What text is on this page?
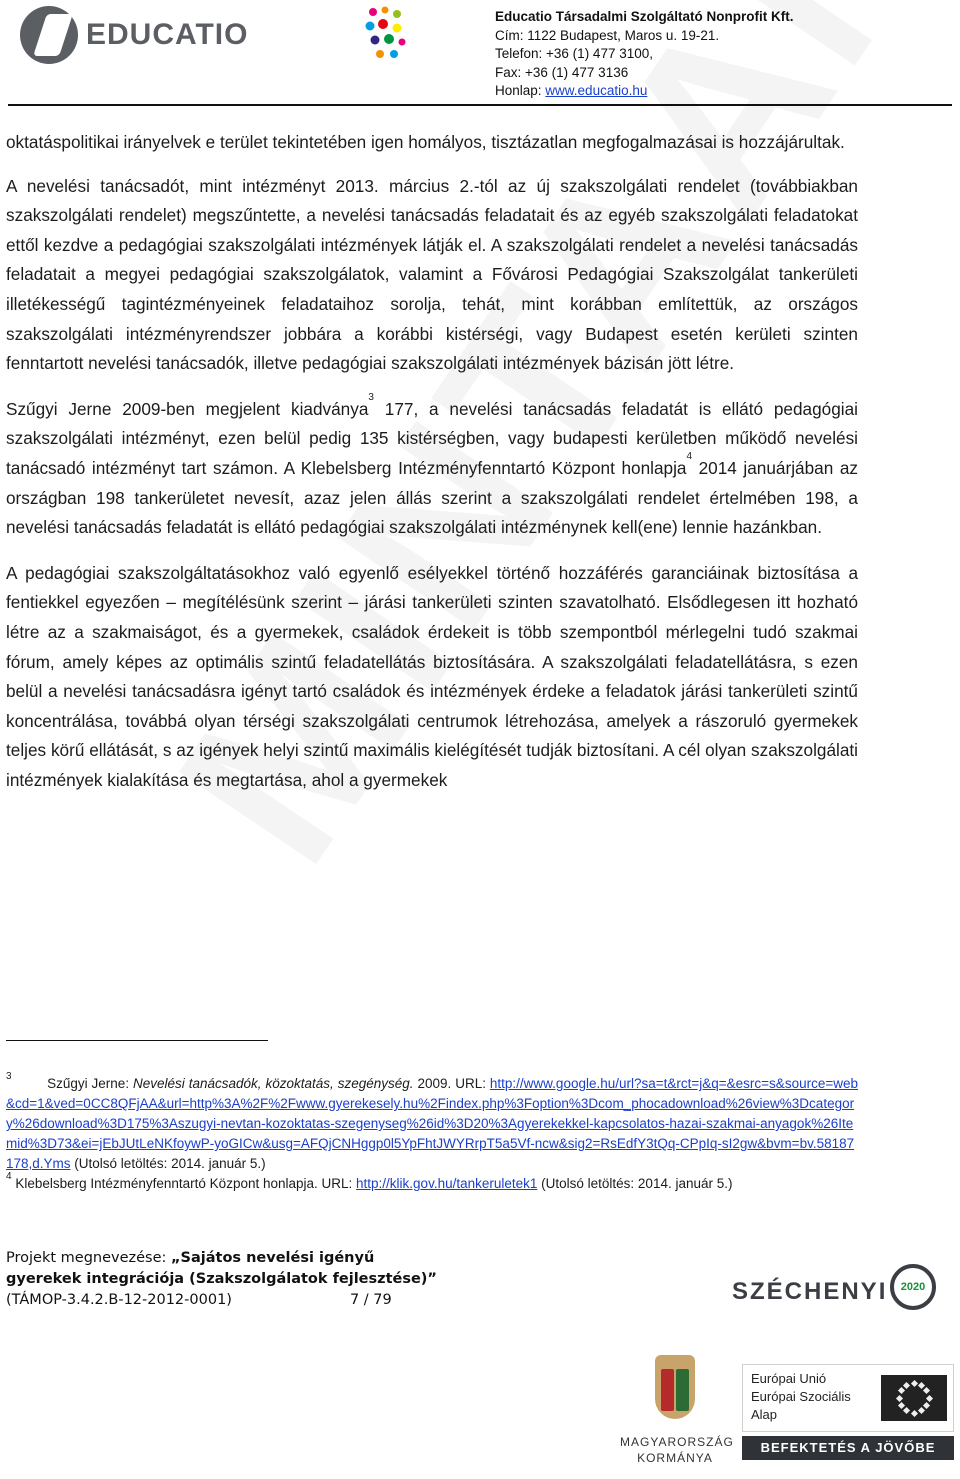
EDUCATIO
Educatio Társadalmi Szolgáltató Nonprofit Kft.
Cím: 1122 Budapest, Maros u. 19-21.
Telefon: +36 (1) 477 3100,
Fax: +36 (1) 477 3136
Honlap: www.educatio.hu

oktatáspolitikai irányelvek e terület tekintetében igen homályos, tisztázatlan megfogalmazásai is hozzájárultak.

A nevelési tanácsadót, mint intézményt 2013. március 2.-tól az új szakszolgálati rendelet (továbbiakban szakszolgálati rendelet) megszűntette, a nevelési tanácsadás feladatait és az egyéb szakszolgálati feladatokat ettől kezdve a pedagógiai szakszolgálati intézmények látják el. A szakszolgálati rendelet a nevelési tanácsadás feladatait a megyei pedagógiai szakszolgálatok, valamint a Fővárosi Pedagógiai Szakszolgálat tankerületi illetékességű tagintézményeinek feladataihoz sorolja, tehát, mint korábban említettük, az országos szakszolgálati intézményrendszer jobbára a korábbi kistérségi, vagy Budapest esetén kerületi szinten fenntartott nevelési tanácsadók, illetve pedagógiai szakszolgálati intézmények bázisán jött létre.

Szűgyi Jerne 2009-ben megjelent kiadványa$^3$ 177, a nevelési tanácsadás feladatát is ellátó pedagógiai szakszolgálati intézményt, ezen belül pedig 135 kistérségben, vagy budapesti kerületben működő nevelési tanácsadó intézményt tart számon. A Klebelsberg Intézményfenntartó Központ honlapja$^4$ 2014 januárjában az országban 198 tankerületet nevesít, azaz jelen állás szerint a szakszolgálati rendelet értelmében 198, a nevelési tanácsadás feladatát is ellátó pedagógiai szakszolgálati intézménynek kell(ene) lennie hazánkban.

A pedagógiai szakszolgáltatásokhoz való egyenlő esélyekkel történő hozzáférés garanciáinak biztosítása a fentiekkel egyezően – megítélésünk szerint – járási tankerületi szinten szavatolható. Elsődlegesen itt hozható létre az a szakmaiságot, és a gyermekek, családok érdekeit is több szempontból mérlegelni tudó szakmai fórum, amely képes az optimális szintű feladatellátás biztosítására. A szakszolgálati feladatellátásra, s ezen belül a nevelési tanácsadásra igényt tartó családok és intézmények érdeke a feladatok járási tankerületi szintű koncentrálása, továbbá olyan térségi szakszolgálati centrumok létrehozása, amelyek a rászoruló gyermekek teljes körű ellátását, s az igények helyi szintű maximális kielégítését tudják biztosítani. A cél olyan szakszolgálati intézmények kialakítása és megtartása, ahol a gyermekek

$^3$	Szűgyi Jerne: Nevelési tanácsadók, közoktatás, szegénység. 2009. URL: http://www.google.hu/url?sa=t&rct=j&q=&esrc=s&source=web&cd=1&ved=0CC8QFjAA&url=http%3A%2F%2Fwww.gyerekesely.hu%2Findex.php%3Foption%3Dcom_phocadownload%26view%3Dcategory%26download%3D175%3Aszugyi-nevtan-kozoktatas-szegenyseg%26id%3D20%3Agyerekekkel-kapcsolatos-hazai-szakmai-anyagok%26Itemid%3D73&ei=jEbJUtLeNKfoywP-yoGICw&usg=AFQjCNHggp0l5YpFhtJWYRrpT5a5Vf-ncw&sig2=RsEdfY3tQq-CPpIq-sI2gw&bvm=bv.58187178,d.Yms (Utolsó letöltés: 2014. január 5.)

$^4$ Klebelsberg Intézményfenntartó Központ honlapja. URL: http://klik.gov.hu/tankeruletek1 (Utolsó letöltés: 2014. január 5.)

Projekt megnevezése: „Sajátos nevelési igényű
gyerekek integrációja (Szakszolgálatok fejlesztése)”
(TÁMOP-3.4.2.B-12-2012-0001)	7 / 79	SZÉCHENYI	2020
MAGYARORSZÁG
KORMÁNYA
Európai Unió
Európai Szociális
Alap
BEFEKTETÉS A JÖVŐBE
